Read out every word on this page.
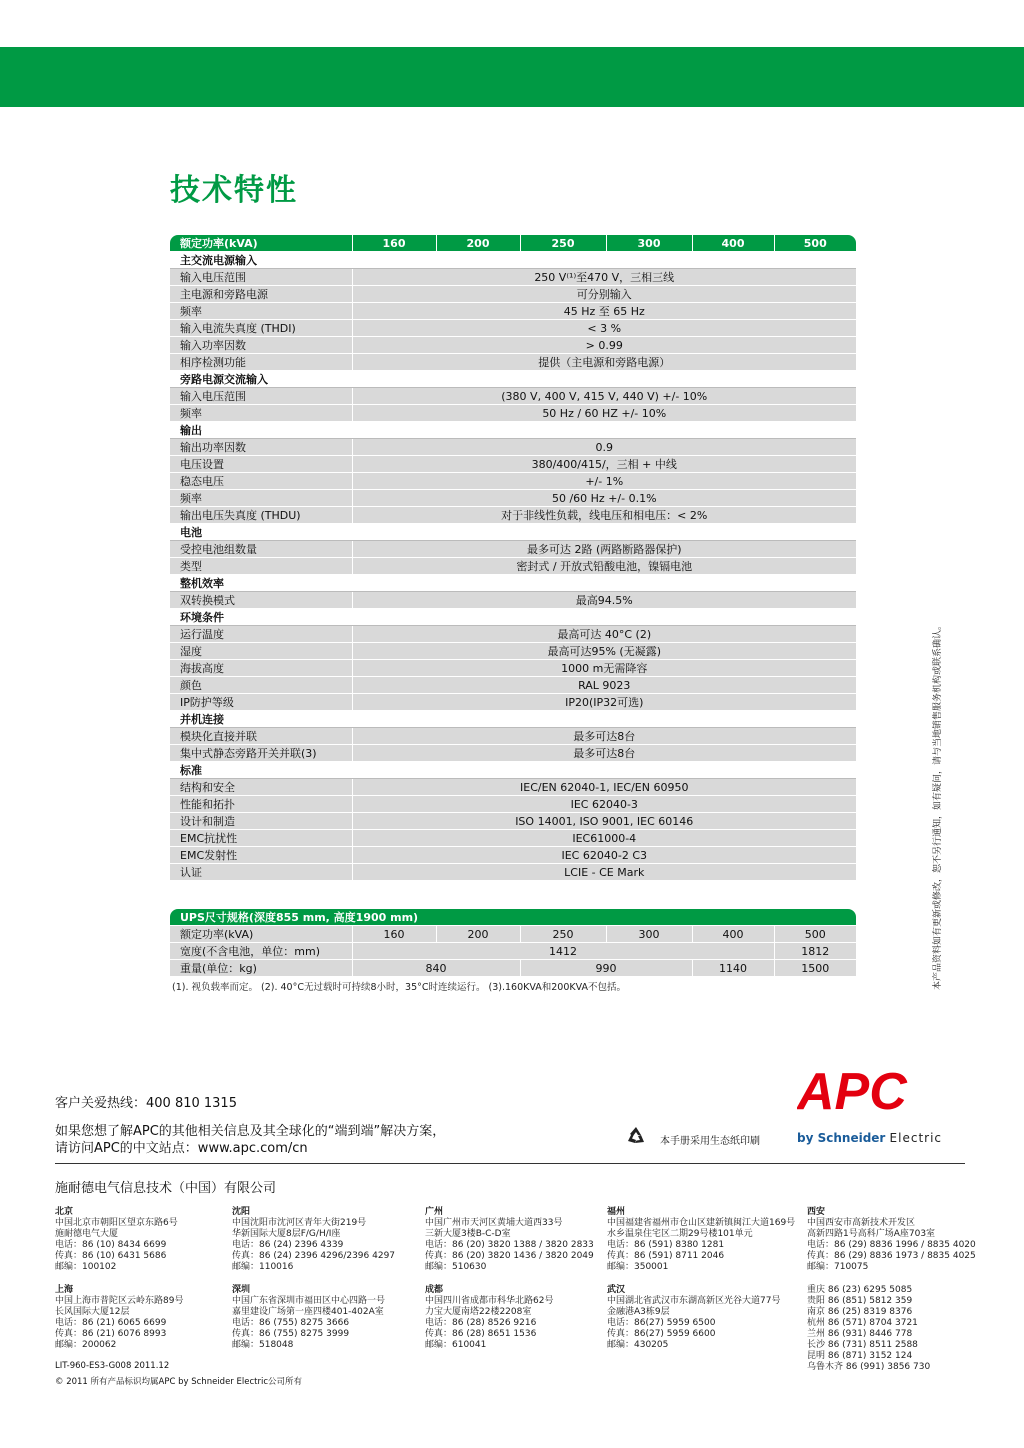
技术特性
额定功率(kVA)	160	200	250	300	400	500
主交流电源输入						
输入电压范围	250 V⁽¹⁾至470 V，三相三线					
主电源和旁路电源	可分别输入					
频率	45 Hz 至 65 Hz					
输入电流失真度 (THDI)	< 3 %					
输入功率因数	> 0.99					
相序检测功能	提供（主电源和旁路电源）					
旁路电源交流输入						
输入电压范围	(380 V, 400 V, 415 V, 440 V) +/- 10%					
频率	50 Hz / 60 HZ +/- 10%					
输出						
输出功率因数	0.9					
电压设置	380/400/415/，三相 + 中线					
稳态电压	+/- 1%					
频率	50 /60 Hz +/- 0.1%					
输出电压失真度 (THDU)	对于非线性负载，线电压和相电压：< 2%					
电池						
受控电池组数量	最多可达 2路 (两路断路器保护)					
类型	密封式 / 开放式铅酸电池，镍镉电池					
整机效率						
双转换模式	最高94.5%					
环境条件						
运行温度	最高可达 40°C (2)					
湿度	最高可达95% (无凝露)					
海拔高度	1000 m无需降容					
颜色	RAL 9023					
IP防护等级	IP20(IP32可选)					
并机连接						
模块化直接并联	最多可达8台					
集中式静态旁路开关并联(3)	最多可达8台					
标准						
结构和安全	IEC/EN 62040-1, IEC/EN 60950					
性能和拓扑	IEC 62040-3					
设计和制造	ISO 14001, ISO 9001, IEC 60146					
EMC抗扰性	IEC61000-4					
EMC发射性	IEC 62040-2 C3					
认证	LCIE - CE Mark					
UPS尺寸规格(深度855 mm, 高度1900 mm)						
额定功率(kVA)	160	200	250	300	400	500
宽度(不含电池，单位：mm)	1412					1812
重量(单位：kg)	840		990		1140	1500
(1). 视负载率而定。 (2). 40°C无过载时可持续8小时，35°C时连续运行。 (3).160KVA和200KVA不包括。	本产品资料如有更新或修改，恕不另行通知，如有疑问，请与当地销售服务机构或联系确认。
客户关爱热线：400 810 1315
如果您想了解APC的其他相关信息及其全球化的“端到端”解决方案，
请访问APC的中文站点：www.apc.com/cn	本手册采用生态纸印刷
APC
by Schneider Electric
施耐德电气信息技术（中国）有限公司
北京
中国北京市朝阳区望京东路6号
施耐德电气大厦
电话：86 (10) 8434 6699
传真：86 (10) 6431 5686
邮编：100102
沈阳
中国沈阳市沈河区青年大街219号
华新国际大厦8层F/G/H/I座
电话：86 (24) 2396 4339
传真：86 (24) 2396 4296/2396 4297
邮编：110016
广州
中国广州市天河区黄埔大道西33号
三新大厦3楼B-C-D室
电话：86 (20) 3820 1388 / 3820 2833
传真：86 (20) 3820 1436 / 3820 2049
邮编：510630
福州
中国福建省福州市仓山区建新镇闽江大道169号
水乡温泉住宅区二期29号楼101单元
电话：86 (591) 8380 1281
传真：86 (591) 8711 2046
邮编：350001
西安
中国西安市高新技术开发区
高新四路1号高科广场A座703室
电话：86 (29) 8836 1996 / 8835 4020
传真：86 (29) 8836 1973 / 8835 4025
邮编：710075
上海
中国上海市普陀区云岭东路89号
长风国际大厦12层
电话：86 (21) 6065 6699
传真：86 (21) 6076 8993
邮编：200062
深圳
中国广东省深圳市福田区中心四路一号
嘉里建设广场第一座四楼401-402A室
电话：86 (755) 8275 3666
传真：86 (755) 8275 3999
邮编：518048
成都
中国四川省成都市科华北路62号
力宝大厦南塔22楼2208室
电话：86 (28) 8526 9216
传真：86 (28) 8651 1536
邮编：610041
武汉
中国湖北省武汉市东湖高新区光谷大道77号
金融港A3栋9层
电话：86(27) 5959 6500
传真：86(27) 5959 6600
邮编：430205
重庆 86 (23) 6295 5085
贵阳 86 (851) 5812 359
南京 86 (25) 8319 8376
杭州 86 (571) 8704 3721
兰州 86 (931) 8446 778
长沙 86 (731) 8511 2588
昆明 86 (871) 3152 124
乌鲁木齐 86 (991) 3856 730
LIT-960-ES3-G008 2011.12
© 2011 所有产品标识均属APC by Schneider Electric公司所有
